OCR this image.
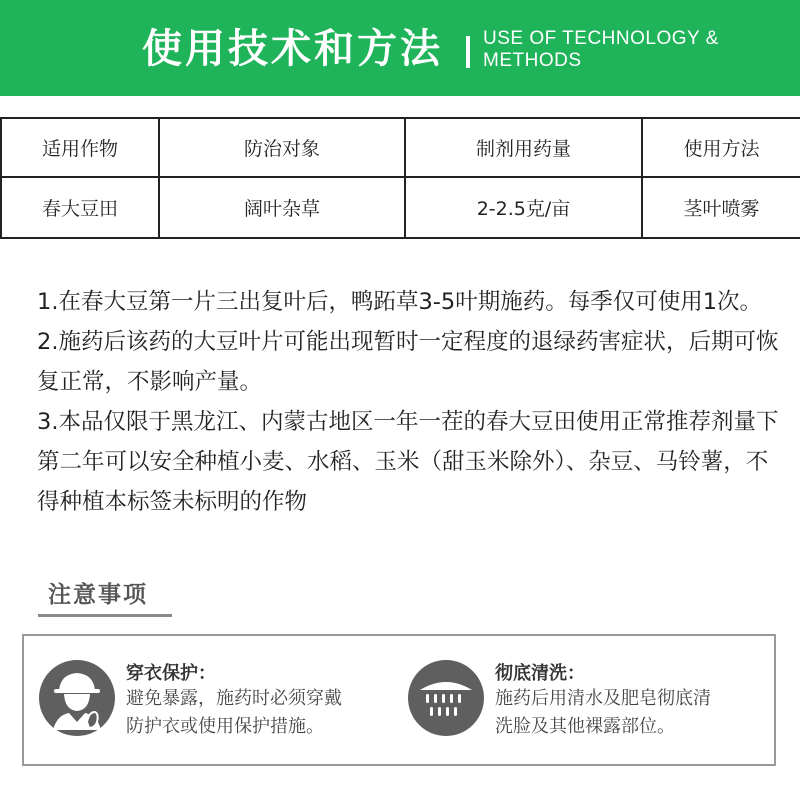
使用技术和方法 USE OF TECHNOLOGY &
METHODS
适用作物	防治对象	制剂用药量	使用方法
春大豆田	阔叶杂草	2-2.5克/亩	茎叶喷雾

1.在春大豆第一片三出复叶后，鸭跖草3-5叶期施药。每季仅可使用1次。

2.施药后该药的大豆叶片可能出现暂时一定程度的退绿药害症状，后期可恢复正常，不影响产量。

3.本品仅限于黑龙江、内蒙古地区一年一茬的春大豆田使用正常推荐剂量下第二年可以安全种植小麦、水稻、玉米（甜玉米除外）、杂豆、马铃薯，不得种植本标签未标明的作物

注意事项
穿衣保护：
避免暴露，施药时必须穿戴
防护衣或使用保护措施。
彻底清洗：
施药后用清水及肥皂彻底清
洗脸及其他裸露部位。
